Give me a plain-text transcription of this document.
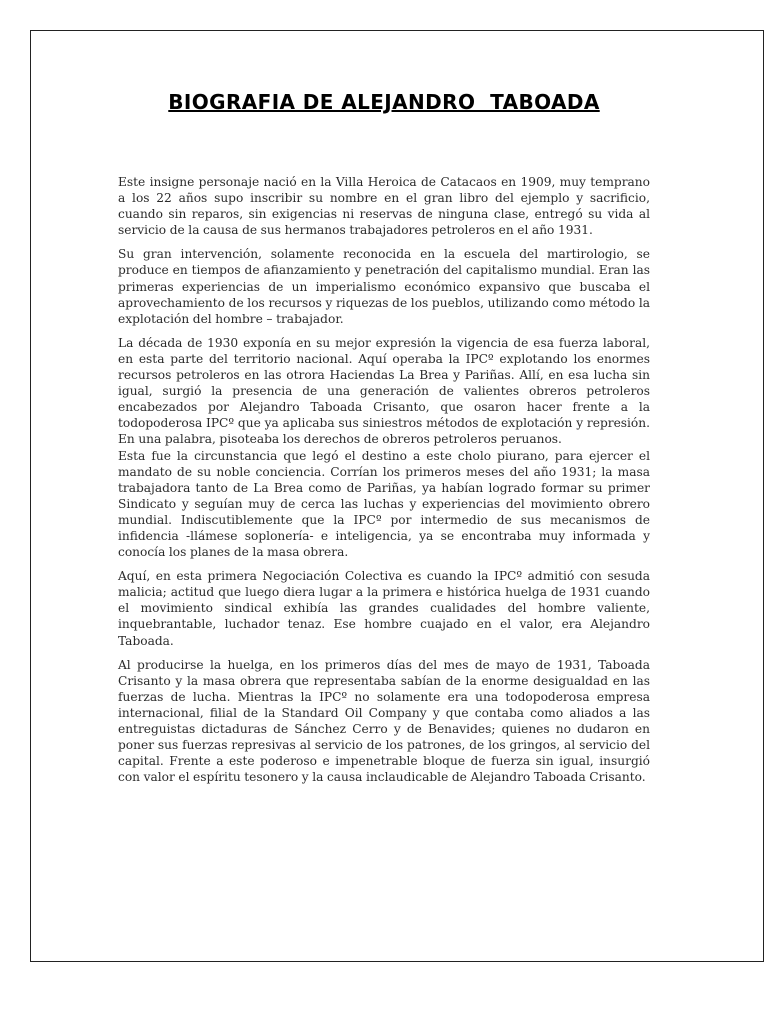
BIOGRAFIA DE ALEJANDRO  TABOADA

Este insigne personaje nació en la Villa Heroica de Catacaos en 1909, muy temprano a los 22 años supo inscribir su nombre en el gran libro del ejemplo y sacrificio, cuando sin reparos, sin exigencias ni reservas de ninguna clase, entregó su vida al servicio de la causa de sus hermanos trabajadores petroleros en el año 1931.

Su gran intervención, solamente reconocida en la escuela del martirologio, se produce en tiempos de afianzamiento y penetración del capitalismo mundial. Eran las primeras experiencias de un imperialismo económico expansivo que buscaba el aprovechamiento de los recursos y riquezas de los pueblos, utilizando como método la explotación del hombre – trabajador.

La década de 1930 exponía en su mejor expresión la vigencia de esa fuerza laboral, en esta parte del territorio nacional. Aquí operaba la IPCº explotando los enormes recursos petroleros en las otrora Haciendas La Brea y Pariñas. Allí, en esa lucha sin igual, surgió la presencia de una generación de valientes obreros petroleros encabezados por Alejandro Taboada Crisanto, que osaron hacer frente a la todopoderosa IPCº que ya aplicaba sus siniestros métodos de explotación y represión. En una palabra, pisoteaba los derechos de obreros petroleros peruanos.

Esta fue la circunstancia que legó el destino a este cholo piurano, para ejercer el mandato de su noble conciencia. Corrían los primeros meses del año 1931; la masa trabajadora tanto de La Brea como de Pariñas, ya habían logrado formar su primer Sindicato y seguían muy de cerca las luchas y experiencias del movimiento obrero mundial. Indiscutiblemente que la IPCº por intermedio de sus mecanismos de infidencia -llámese soplonería- e inteligencia, ya se encontraba muy informada y conocía los planes de la masa obrera.

Aquí, en esta primera Negociación Colectiva es cuando la IPCº admitió con sesuda malicia; actitud que luego diera lugar a la primera e histórica huelga de 1931 cuando el movimiento sindical exhibía las grandes cualidades del hombre valiente, inquebrantable, luchador tenaz. Ese hombre cuajado en el valor, era Alejandro Taboada.

Al producirse la huelga, en los primeros días del mes de mayo de 1931, Taboada Crisanto y la masa obrera que representaba sabían de la enorme desigualdad en las fuerzas de lucha. Mientras la IPCº no solamente era una todopoderosa empresa internacional, filial de la Standard Oil Company y que contaba como aliados a las entreguistas dictaduras de Sánchez Cerro y de Benavides; quienes no dudaron en poner sus fuerzas represivas al servicio de los patrones, de los gringos, al servicio del capital. Frente a este poderoso e impenetrable bloque de fuerza sin igual, insurgió con valor el espíritu tesonero y la causa inclaudicable de Alejandro Taboada Crisanto.
